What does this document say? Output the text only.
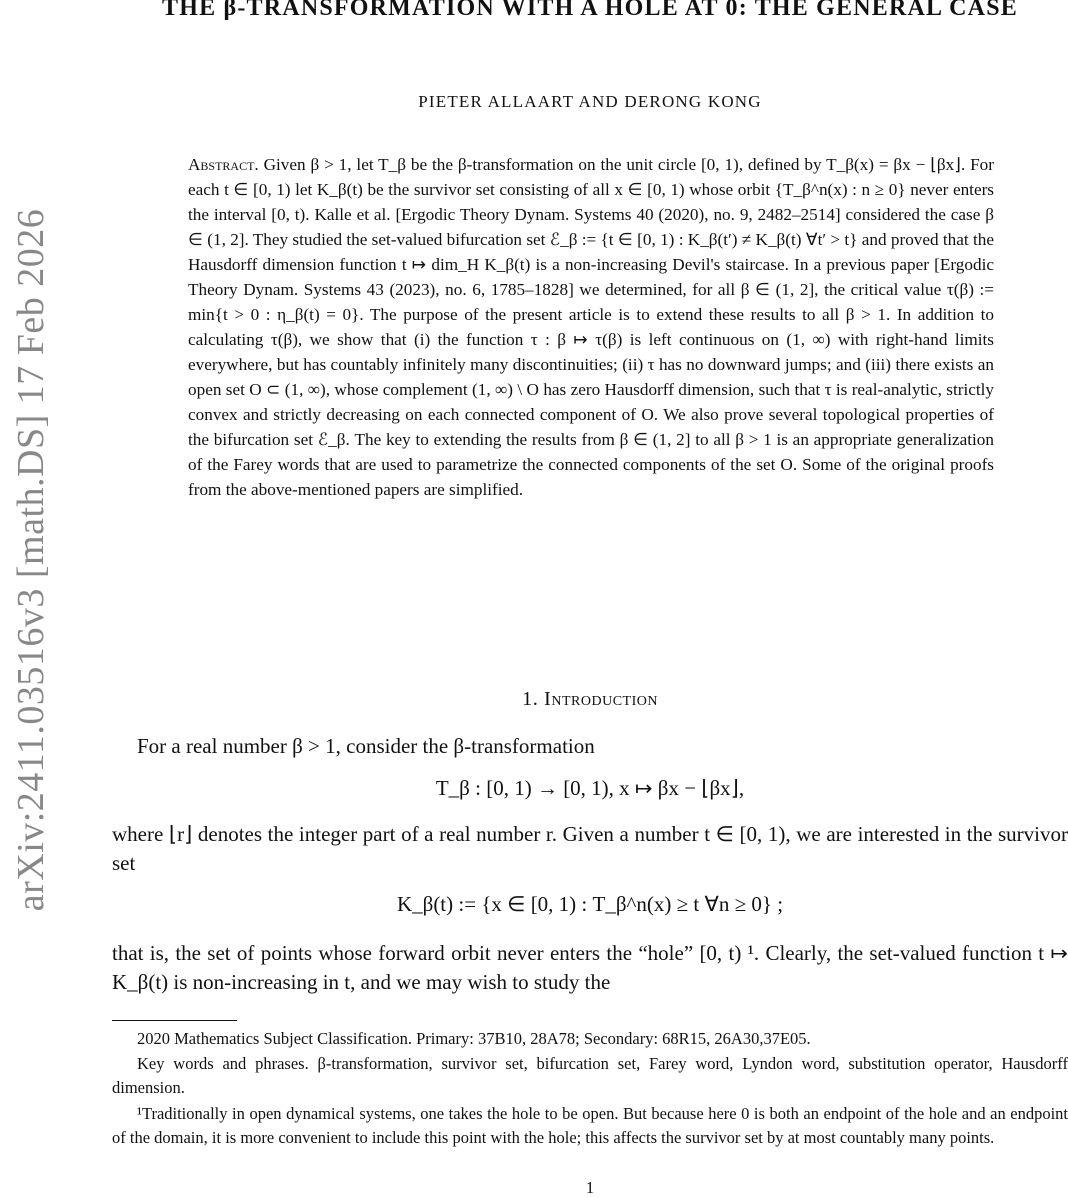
arXiv:2411.03516v3 [math.DS] 17 Feb 2026
THE β-TRANSFORMATION WITH A HOLE AT 0: THE GENERAL CASE
PIETER ALLAART AND DERONG KONG
Abstract. Given β > 1, let T_β be the β-transformation on the unit circle [0, 1), defined by T_β(x) = βx − ⌊βx⌋. For each t ∈ [0, 1) let K_β(t) be the survivor set consisting of all x ∈ [0, 1) whose orbit {T_β^n(x) : n ≥ 0} never enters the interval [0, t). Kalle et al. [Ergodic Theory Dynam. Systems 40 (2020), no. 9, 2482–2514] considered the case β ∈ (1, 2]. They studied the set-valued bifurcation set ℰ_β := {t ∈ [0, 1) : K_β(t′) ≠ K_β(t) ∀t′ > t} and proved that the Hausdorff dimension function t ↦ dim_H K_β(t) is a non-increasing Devil's staircase. In a previous paper [Ergodic Theory Dynam. Systems 43 (2023), no. 6, 1785–1828] we determined, for all β ∈ (1, 2], the critical value τ(β) := min{t > 0 : η_β(t) = 0}. The purpose of the present article is to extend these results to all β > 1. In addition to calculating τ(β), we show that (i) the function τ : β ↦ τ(β) is left continuous on (1, ∞) with right-hand limits everywhere, but has countably infinitely many discontinuities; (ii) τ has no downward jumps; and (iii) there exists an open set O ⊂ (1, ∞), whose complement (1, ∞) \ O has zero Hausdorff dimension, such that τ is real-analytic, strictly convex and strictly decreasing on each connected component of O. We also prove several topological properties of the bifurcation set ℰ_β. The key to extending the results from β ∈ (1, 2] to all β > 1 is an appropriate generalization of the Farey words that are used to parametrize the connected components of the set O. Some of the original proofs from the above-mentioned papers are simplified.
1. Introduction
For a real number β > 1, consider the β-transformation
T_β : [0, 1) → [0, 1), x ↦ βx − ⌊βx⌋,
where ⌊r⌋ denotes the integer part of a real number r. Given a number t ∈ [0, 1), we are interested in the survivor set
K_β(t) := {x ∈ [0, 1) : T_β^n(x) ≥ t ∀n ≥ 0} ;
that is, the set of points whose forward orbit never enters the “hole” [0, t) ¹. Clearly, the set-valued function t ↦ K_β(t) is non-increasing in t, and we may wish to study the
2020 Mathematics Subject Classification. Primary: 37B10, 28A78; Secondary: 68R15, 26A30,37E05.
Key words and phrases. β-transformation, survivor set, bifurcation set, Farey word, Lyndon word, substitution operator, Hausdorff dimension.
¹Traditionally in open dynamical systems, one takes the hole to be open. But because here 0 is both an endpoint of the hole and an endpoint of the domain, it is more convenient to include this point with the hole; this affects the survivor set by at most countably many points.
1
